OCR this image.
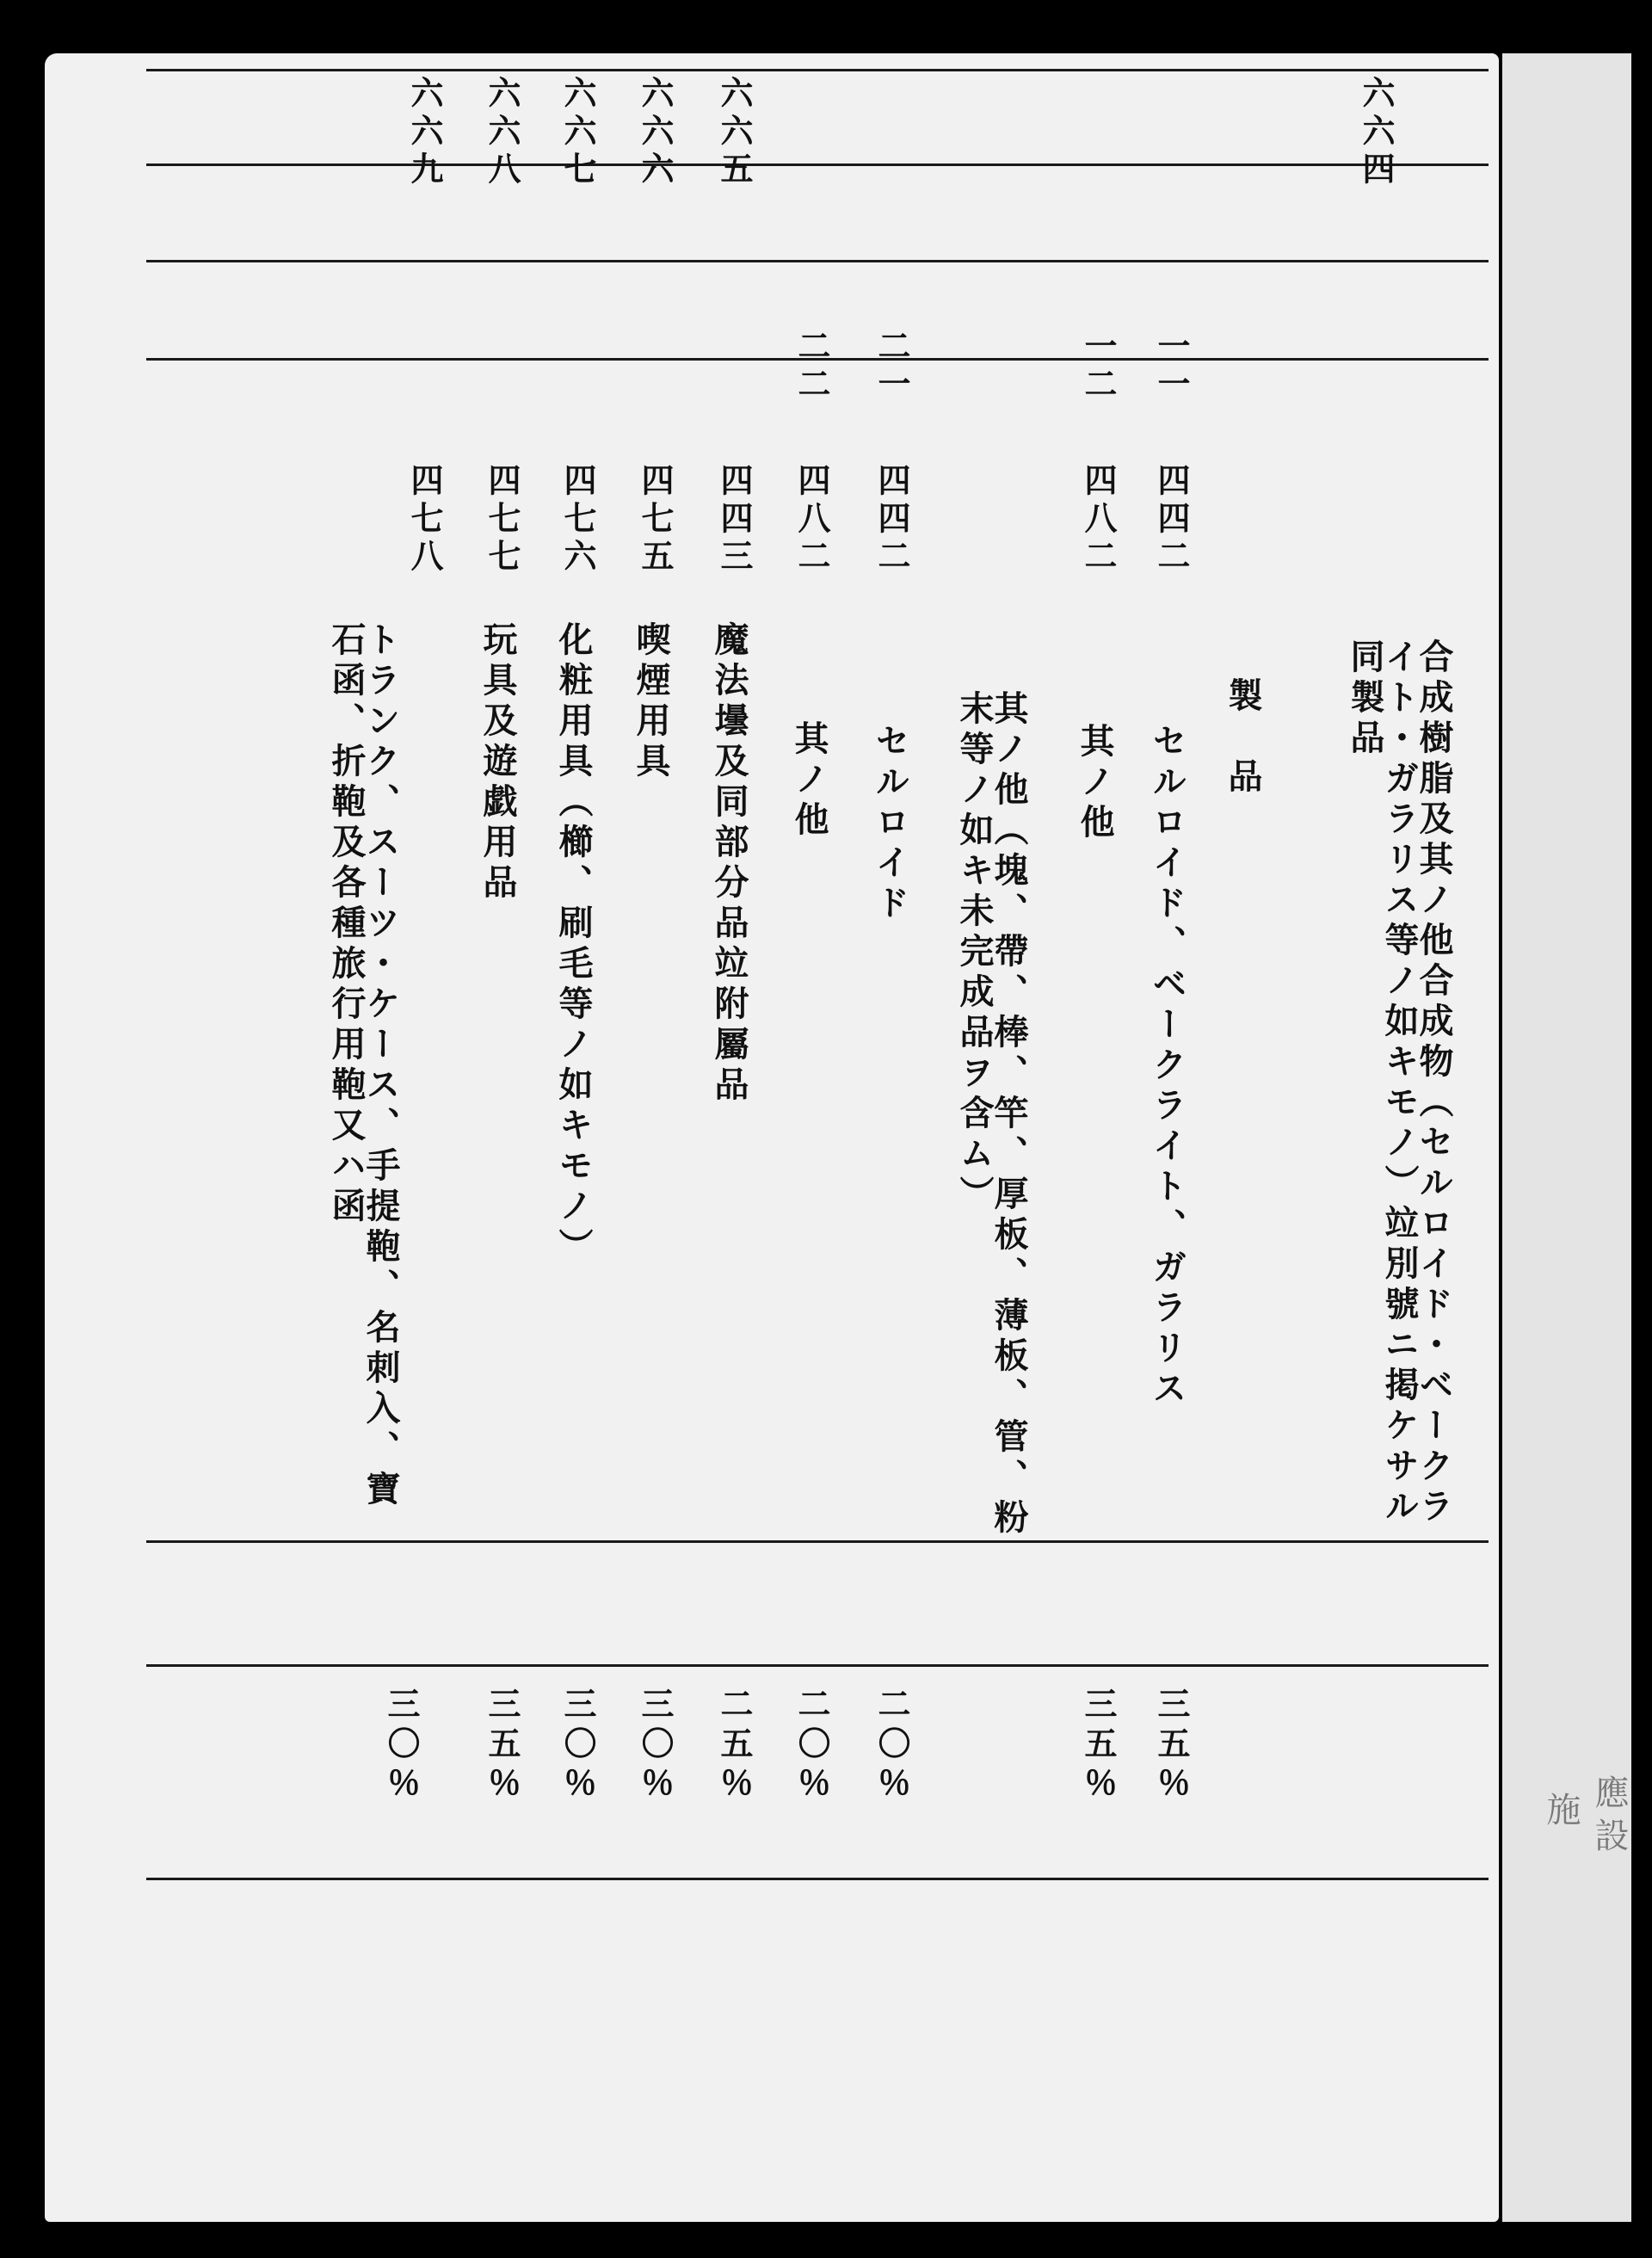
六六四
六六五
六六六
六六七
六六八
六六九
一一
四四二
合成樹脂及其ノ他合成物（セルロイド・ベークライト・ガラリス等ノ如キモノ）竝別號ニ掲ケサル同製品
製　品
セルロイド、ベークライト、ガラリス
三五％
一二
四八二
其ノ他
三五％
其ノ他（塊、帶、棒、竿、厚板、薄板、管、粉末等ノ如キ未完成品ヲ含ム）
二一
四四二
セルロイド
二〇％
二二
四八二
其ノ他
二〇％
四四三
魔法壜及同部分品竝附屬品
二五％
四七五
喫煙用具
三〇％
四七六
化粧用具（櫛、刷毛等ノ如キモノ）
三〇％
四七七
玩具及遊戯用品
三五％
四七八
トランク、スーツ・ケース、手提鞄、名刺入、寶石函、折鞄及各種旅行用鞄又ハ函
三〇％	應
設
施
